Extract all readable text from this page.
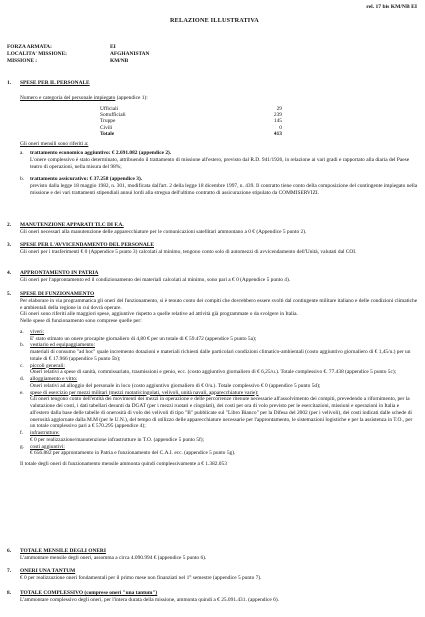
rel. 17 bis KM/NB EI
RELAZIONE ILLUSTRATIVA
FORZA ARMATA:	EI
LOCALITA' MISSIONE:	AFGHANISTAN
MISSIONE :	KM/NB
1. SPESE PER IL PERSONALE

Numero e categoria del personale impiegato (appendice 1):

Ufficiali	29
Sottufficiali	239
Truppe	145
Civili	0
Totale	413

Gli oneri mensili sono riferiti a:

a. trattamento economico aggiuntivo: € 2.691.082 (appendice 2).
L'onere complessivo è stato determinato, attribuendo il trattamento di missione all'estero, previsto dal R.D. 941/1926, in relazione ai vari gradi e rapportato alla diaria del Paese teatro di operazioni, nella misura del 98%;
b. trattamento assicurativo: € 37.258 (appendice 3).
previsto dalla legge 18 maggio 1982, n. 301, modificata dall'art. 2 della legge 18 dicembre 1997, n. 439. Il contratto tiene conto della composizione del contingente impiegato nella missione e dei vari trattamenti stipendiali annui lordi alla stregua dell'ultimo contratto di assicurazione stipulato da COMMISERVIZI.
2. MANUTENZIONE APPARATI TLC DI F.A.
Gli oneri necessari alla manutenzione delle apparecchiature per le comunicazioni satellitari ammontano a 0 € (Appendice 5 punto 2).
3. SPESE PER L'AVVICENDAMENTO DEL PERSONALE
Gli oneri per i trasferimenti € 0 (Appendice 5 punto 3) calcolati al minimo, tengono conto solo di automezzi di avvicendamento dell'Unità, valutati dal COI.
4. APPRONTAMENTO IN PATRIA
Gli oneri per l'approntamento ed il condizionamento dei materiali calcolati al minimo, sono pari a € 0 (Appendice 5 punto 4).
5. SPESE DI FUNZIONAMENTO
Per elaborare in via programmatica gli oneri del funzionamento, si è tenuto conto dei compiti che dovrebbero essere svolti dal contingente militare italiano e delle condizioni climatiche e ambientali della regione in cui dovrà operare.
Gli oneri sono riferiti alle maggiori spese, aggiuntive rispetto a quelle relative ad attività già programmate o da svolgere in Italia.
Nelle spese di funzionamento sono comprese quelle per:
a. viveri:
E' stato stimato un onere procapite giornaliero di 4,80 € per un totale di € 59.472 (appendice 5 punto 5a);
b. vestiario ed equipaggiamento:
materiali di consumo "ad hoc" quale incremento dotazioni e materiali richiesti dalle particolari condizioni climatico-ambientali (costo aggiuntivo giornaliero di € 1,45/u.) per un totale di € 17.966 (appendice 5 punto 5b);
c. piccoli generali:
Oneri relativi a spese di sanità, commissariato, trasmissioni e genio, ecc. (costo aggiuntivo giornaliero di € 6,25/u.). Totale complessivo €. 77.438 (appendice 5 punto 5c);
d. alloggiamento e vitto:
Oneri relativi ad alloggio del personale in loco (costo aggiuntivo giornaliero di € 0/u.). Totale complessivo € 0 (appendice 5 punto 5d);
e. spese di esercizio per mezzi militari (mezzi ruotati/cingolati, velivoli, unità navali, apparecchiature varie):
Gli oneri tengono conto dell'entità dei movimenti dei mezzi in operazione e delle percorrenze ritenute necessarie all'assolvimento dei compiti, prevedendo a rifornimento, per la valutazione dei costi, i dati tabellari desunti da DGAT (per i mezzi ruotati e cingolati), dei costi per ora di volo previsto per le esercitazioni, missioni e operazioni in Italia e all'estero dalla base delle tabelle di onerosità di volo dei velivoli di tipo "B" pubblicate sul "Libro Bianco" per la Difesa del 2002 (per i velivoli), dei costi indicati dalle schede di onerosità aggiornate dalla M.M (per le U.N.), del tempo di utilizzo delle apparecchiature necessarie per l'approntamento, le sistemazioni logistiche e per la assistenza in T.O., per un totale complessivo pari a € 570.295 (appendice 4);
f. infrastrutture:
€ 0 per realizzazione/manutenzione infrastrutture in T.O. (appendice 5 punto 5f);
g. costi aggiuntivi:
€ 656.882 per approntamento in Patria e funzionamento del C.A.I. ecc. (appendice 5 punto 5g).
Il totale degli oneri di funzionamento mensile ammonta quindi complessivamente a € 1.382.053
6. TOTALE MENSILE DEGLI ONERI
L'ammontare mensile degli oneri, assomma a circa 4.090.994 € (appendice 5 punto 6).
7. ONERI UNA TANTUM
€ 0 per realizzazione oneri fondamentali per il primo mese non finanziati nel 1° semestre (appendice 5 punto 7).
8. TOTALE COMPLESSIVO (comprese oneri "una tantum")
L'ammontare complessivo degli oneri, per l'intera durata della missione, ammonta quindi a € 25.091.431. (appendice 6).
